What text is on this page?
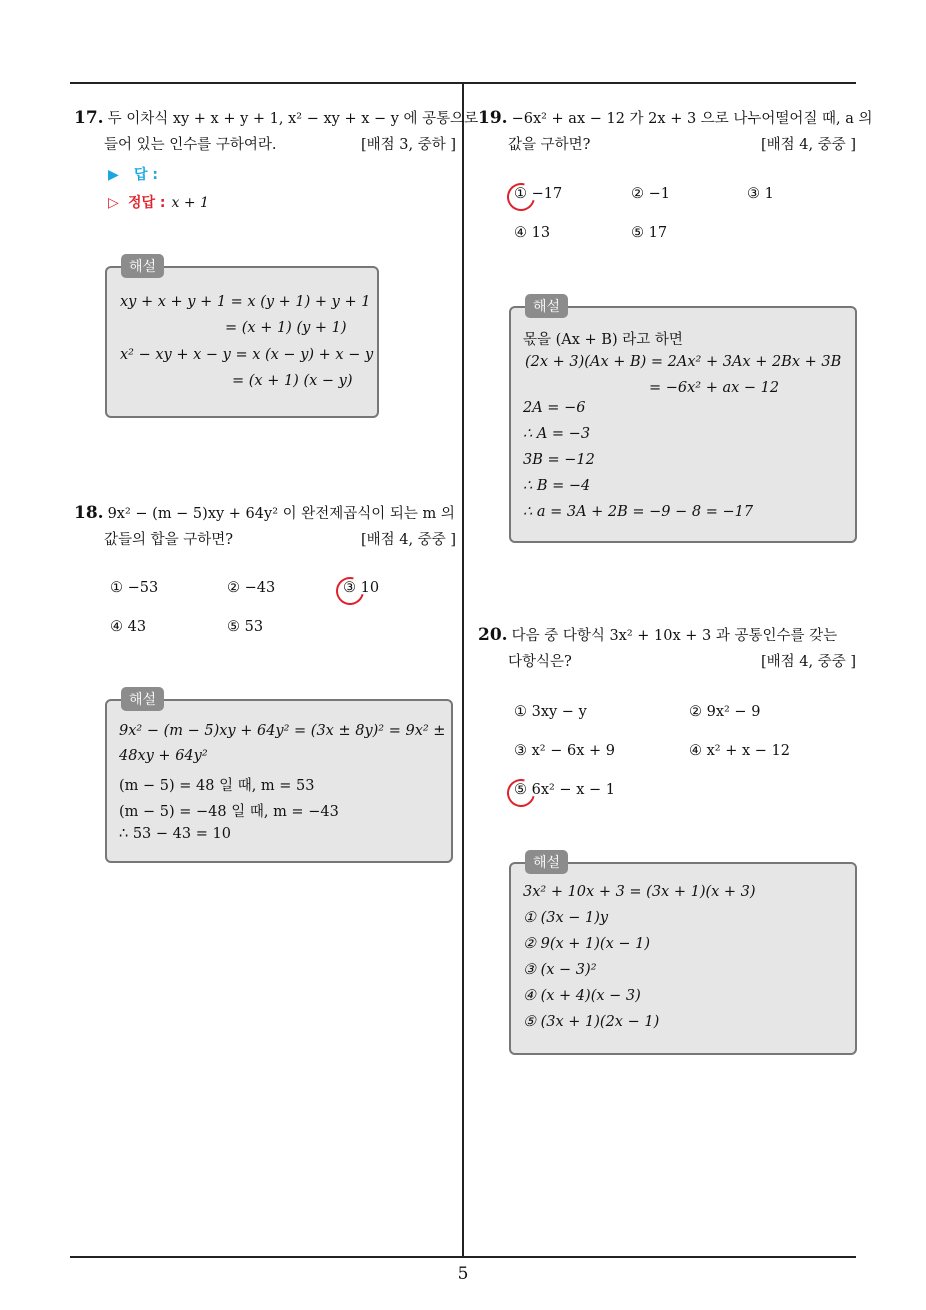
17. 두 이차식 xy + x + y + 1, x² − xy + x − y 에 공통으로
들어 있는 인수를 구하여라.	[배점 3, 중하 ]
▶ 답 :
▷ 정답 : x + 1
해설
xy + x + y + 1 = x (y + 1) + y + 1
= (x + 1) (y + 1)
x² − xy + x − y = x (x − y) + x − y
= (x + 1) (x − y)
18. 9x² − (m − 5)xy + 64y² 이 완전제곱식이 되는 m 의
값들의 합을 구하면?	[배점 4, 중중 ]
① −53	② −43	③ 10
④ 43	⑤ 53
해설
9x² − (m − 5)xy + 64y² = (3x ± 8y)² = 9x² ±
48xy + 64y²
(m − 5) = 48 일 때, m = 53
(m − 5) = −48 일 때, m = −43
∴ 53 − 43 = 10
19. −6x² + ax − 12 가 2x + 3 으로 나누어떨어질 때, a 의
값을 구하면?	[배점 4, 중중 ]
① −17	② −1	③ 1
④ 13	⑤ 17
해설
몫을 (Ax + B) 라고 하면
(2x + 3)(Ax + B) = 2Ax² + 3Ax + 2Bx + 3B
= −6x² + ax − 12
2A = −6
∴ A = −3
3B = −12
∴ B = −4
∴ a = 3A + 2B = −9 − 8 = −17
20. 다음 중 다항식 3x² + 10x + 3 과 공통인수를 갖는
다항식은?	[배점 4, 중중 ]
① 3xy − y	② 9x² − 9
③ x² − 6x + 9	④ x² + x − 12
⑤ 6x² − x − 1
해설
3x² + 10x + 3 = (3x + 1)(x + 3)
① (3x − 1)y
② 9(x + 1)(x − 1)
③ (x − 3)²
④ (x + 4)(x − 3)
⑤ (3x + 1)(2x − 1)
5
